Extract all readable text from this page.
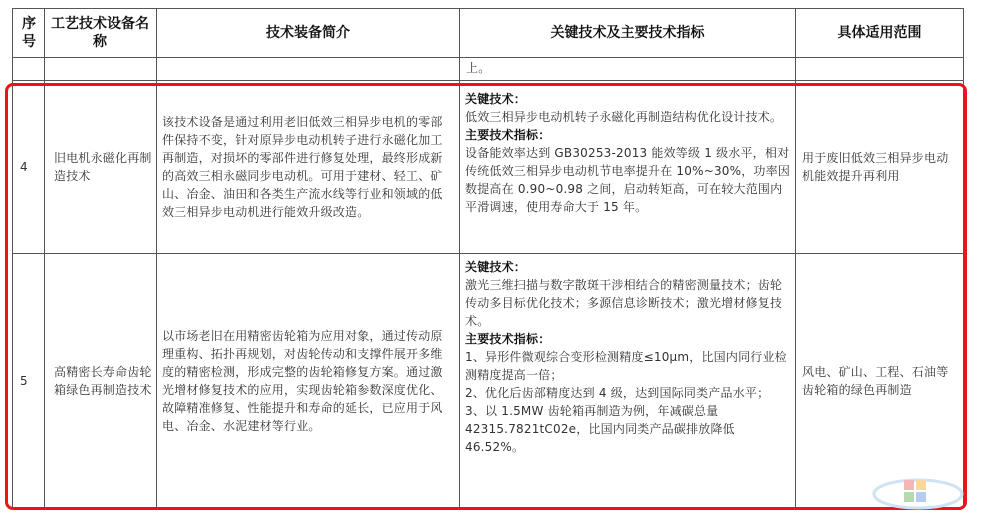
序号
工艺技术设备名称
技术装备简介	关键技术及主要技术指标	具体适用范围
上。
4
旧电机永磁化再制造技术
该技术设备是通过利用老旧低效三相异步电机的零部件保持不变，针对原异步电动机转子进行永磁化加工再制造，对损坏的零部件进行修复处理，最终形成新的高效三相永磁同步电动机。可用于建材、轻工、矿山、冶金、油田和各类生产流水线等行业和领域的低效三相异步电动机进行能效升级改造。
关键技术：
低效三相异步电动机转子永磁化再制造结构优化设计技术。
主要技术指标：
设备能效率达到 GB30253-2013 能效等级 1 级水平，相对传统低效三相异步电动机节电率提升在 10%~30%，功率因数提高在 0.90~0.98 之间，启动转矩高，可在较大范围内平滑调速，使用寿命大于 15 年。
用于废旧低效三相异步电动机能效提升再利用
5
高精密长寿命齿轮箱绿色再制造技术
以市场老旧在用精密齿轮箱为应用对象，通过传动原理重构、拓扑再规划，对齿轮传动和支撑件展开多维度的精密检测，形成完整的齿轮箱修复方案。通过激光增材修复技术的应用，实现齿轮箱参数深度优化、故障精准修复、性能提升和寿命的延长，已应用于风电、冶金、水泥建材等行业。
关键技术：
激光三维扫描与数字散斑干涉相结合的精密测量技术；齿轮传动多目标优化技术；多源信息诊断技术；激光增材修复技术。
主要技术指标：
1、异形件微观综合变形检测精度≤10μm，比国内同行业检测精度提高一倍；
2、优化后齿部精度达到 4 级，达到国际同类产品水平；
3、以 1.5MW 齿轮箱再制造为例，年减碳总量 42315.7821tC02e，比国内同类产品碳排放降低 46.52%。
风电、矿山、工程、石油等齿轮箱的绿色再制造
